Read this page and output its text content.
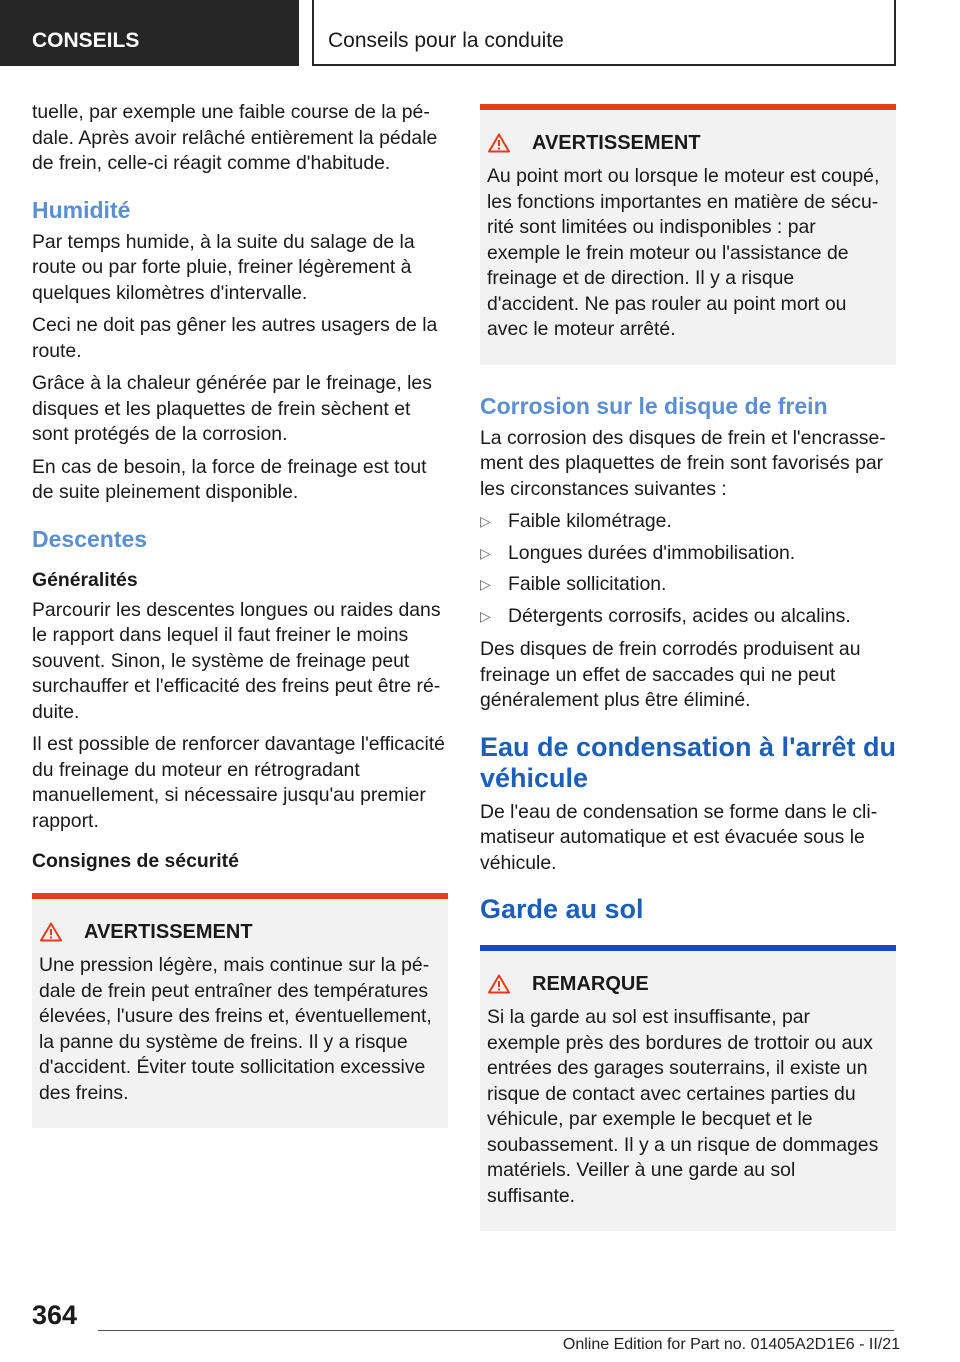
CONSEILS	Conseils pour la conduite

tuelle, par exemple une faible course de la pédale. Après avoir relâché entièrement la pédale de frein, celle-ci réagit comme d'habitude.

Humidité

Par temps humide, à la suite du salage de la route ou par forte pluie, freiner légèrement à quelques kilomètres d'intervalle.

Ceci ne doit pas gêner les autres usagers de la route.

Grâce à la chaleur générée par le freinage, les disques et les plaquettes de frein sèchent et sont protégés de la corrosion.

En cas de besoin, la force de freinage est tout de suite pleinement disponible.

Descentes
Généralités

Parcourir les descentes longues ou raides dans le rapport dans lequel il faut freiner le moins souvent. Sinon, le système de freinage peut surchauffer et l'efficacité des freins peut être réduite.

Il est possible de renforcer davantage l'efficacité du freinage du moteur en rétrogradant manuellement, si nécessaire jusqu'au premier rapport.

Consignes de sécurité
AVERTISSEMENT
Une pression légère, mais continue sur la pédale de frein peut entraîner des températures élevées, l'usure des freins et, éventuellement, la panne du système de freins. Il y a risque d'accident. Éviter toute sollicitation excessive des freins.
AVERTISSEMENT
Au point mort ou lorsque le moteur est coupé, les fonctions importantes en matière de sécurité sont limitées ou indisponibles : par exemple le frein moteur ou l'assistance de freinage et de direction. Il y a risque d'accident. Ne pas rouler au point mort ou avec le moteur arrêté.
Corrosion sur le disque de frein

La corrosion des disques de frein et l'encrassement des plaquettes de frein sont favorisés par les circonstances suivantes :

▷ Faible kilométrage.
▷ Longues durées d'immobilisation.
▷ Faible sollicitation.
▷ Détergents corrosifs, acides ou alcalins.

Des disques de frein corrodés produisent au freinage un effet de saccades qui ne peut généralement plus être éliminé.

Eau de condensation à l'arrêt du véhicule

De l'eau de condensation se forme dans le climatiseur automatique et est évacuée sous le véhicule.

Garde au sol
REMARQUE
Si la garde au sol est insuffisante, par exemple près des bordures de trottoir ou aux entrées des garages souterrains, il existe un risque de contact avec certaines parties du véhicule, par exemple le becquet et le soubassement. Il y a un risque de dommages matériels. Veiller à une garde au sol suffisante.
364
Online Edition for Part no. 01405A2D1E6 - II/21
